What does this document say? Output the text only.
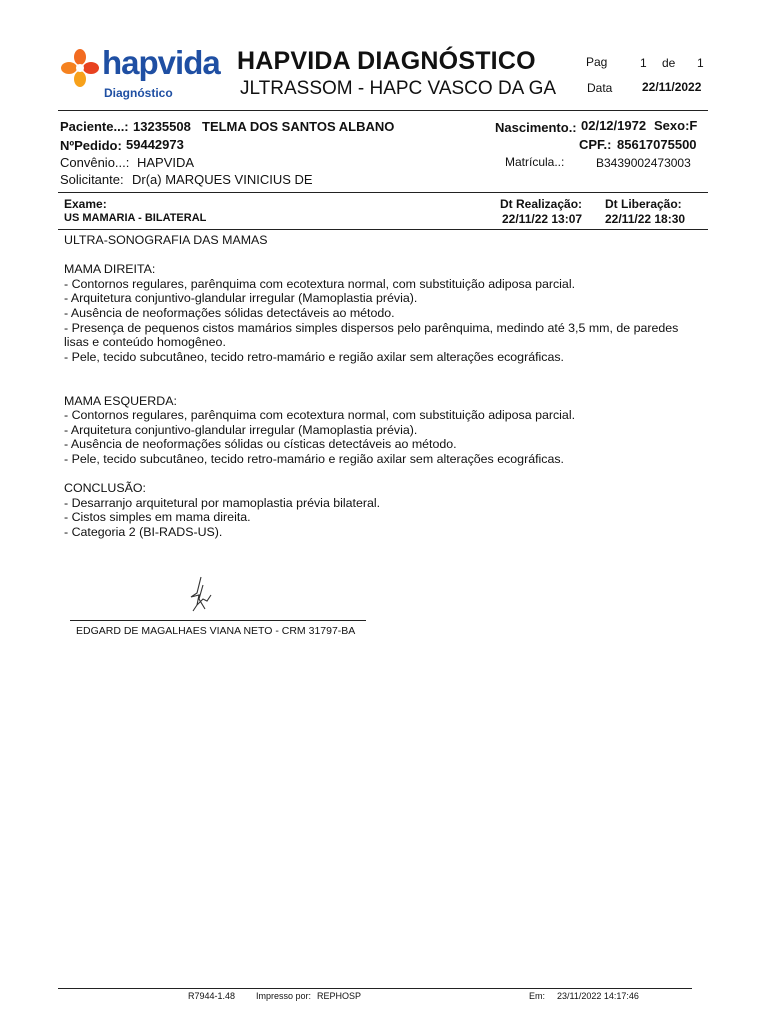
hapvida
Diagnóstico
HAPVIDA DIAGNÓSTICO
JLTRASSOM - HAPC VASCO DA GA
Pag	1 de 1
Data 22/11/2022
Paciente...: 13235508 TELMA DOS SANTOS ALBANO
NºPedido: 59442973
Convênio...: HAPVIDA
Solicitante: Dr(a) MARQUES VINICIUS DE
Nascimento.: 02/12/1972 Sexo:F
CPF.: 85617075500
Matrícula..:	B3439002473003
Exame:
US MAMARIA - BILATERAL
Dt Realização:
22/11/22 13:07
Dt Liberação:
22/11/22 18:30
ULTRA-SONOGRAFIA DAS MAMAS

MAMA DIREITA:
- Contornos regulares, parênquima com ecotextura normal, com substituição adiposa parcial.
- Arquitetura conjuntivo-glandular irregular (Mamoplastia prévia).
- Ausência de neoformações sólidas detectáveis ao método.
- Presença de pequenos cistos mamários simples dispersos pelo parênquima, medindo até 3,5 mm, de paredes
lisas e conteúdo homogêneo.
- Pele, tecido subcutâneo, tecido retro-mamário e região axilar sem alterações ecográficas.

MAMA ESQUERDA:
- Contornos regulares, parênquima com ecotextura normal, com substituição adiposa parcial.
- Arquitetura conjuntivo-glandular irregular (Mamoplastia prévia).
- Ausência de neoformações sólidas ou císticas detectáveis ao método.
- Pele, tecido subcutâneo, tecido retro-mamário e região axilar sem alterações ecográficas.

CONCLUSÃO:
- Desarranjo arquitetural por mamoplastia prévia bilateral.
- Cistos simples em mama direita.
- Categoria 2 (BI-RADS-US).
EDGARD DE MAGALHAES VIANA NETO - CRM 31797-BA
R7944-1.48 Impresso por: REPHOSP	Em: 23/11/2022 14:17:46
